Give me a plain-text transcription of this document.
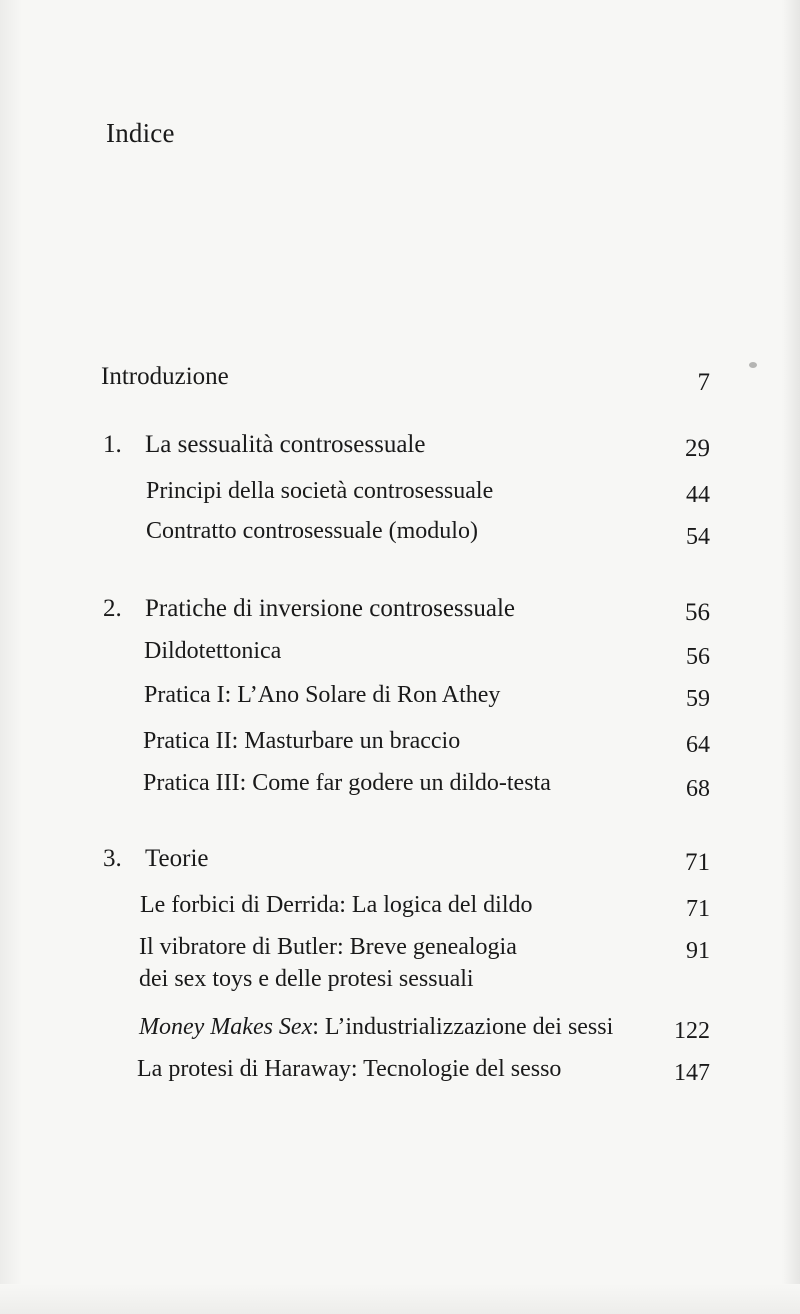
Indice
Introduzione	7
1. La sessualità controsessuale	29
Principi della società controsessuale	44
Contratto controsessuale (modulo)	54
2. Pratiche di inversione controsessuale	56
Dildotettonica	56
Pratica I: L’Ano Solare di Ron Athey	59
Pratica II: Masturbare un braccio	64
Pratica III: Come far godere un dildo-testa	68
3. Teorie	71
Le forbici di Derrida: La logica del dildo	71
Il vibratore di Butler: Breve genealogia	91
dei sex toys e delle protesi sessuali
Money Makes Sex: L’industrializzazione dei sessi	122
La protesi di Haraway: Tecnologie del sesso	147
